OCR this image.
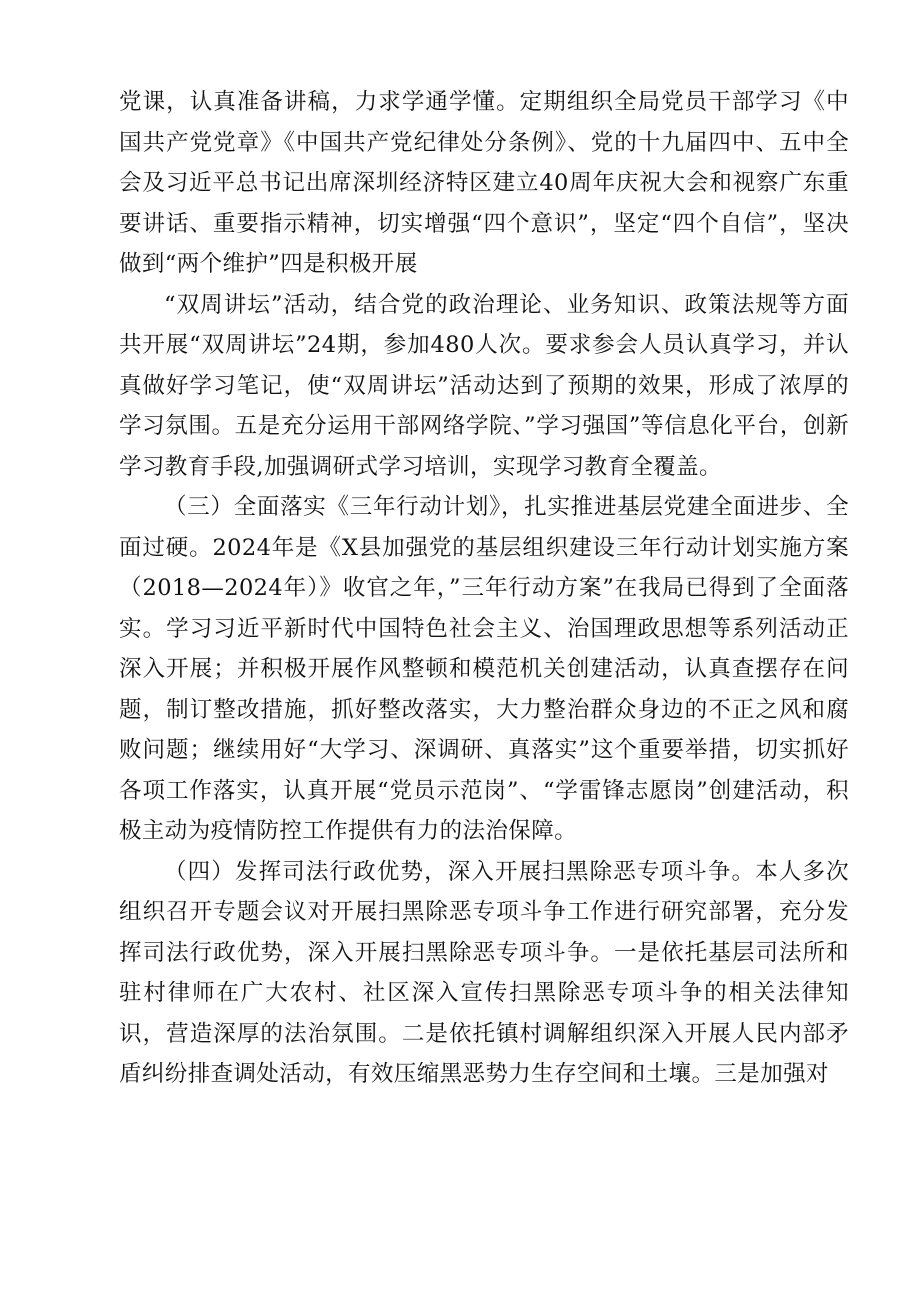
党课，认真准备讲稿，力求学通学懂。定期组织全局党员干部学习《中国共产党党章》《中国共产党纪律处分条例》、党的十九届四中、五中全会及习近平总书记出席深圳经济特区建立40周年庆祝大会和视察广东重要讲话、重要指示精神，切实增强“四个意识”，坚定“四个自信”，坚决做到“两个维护”四是积极开展

“双周讲坛”活动，结合党的政治理论、业务知识、政策法规等方面共开展“双周讲坛”24期，参加480人次。要求参会人员认真学习，并认真做好学习笔记，使“双周讲坛”活动达到了预期的效果，形成了浓厚的学习氛围。五是充分运用干部网络学院、”学习强国”等信息化平台，创新学习教育手段,加强调研式学习培训，实现学习教育全覆盖。

（三）全面落实《三年行动计划》，扎实推进基层党建全面进步、全面过硬。2024年是《X县加强党的基层组织建设三年行动计划实施方案（2018—2024年）》收官之年，”三年行动方案”在我局已得到了全面落实。学习习近平新时代中国特色社会主义、治国理政思想等系列活动正深入开展；并积极开展作风整顿和模范机关创建活动，认真查摆存在问题，制订整改措施，抓好整改落实，大力整治群众身边的不正之风和腐败问题；继续用好“大学习、深调研、真落实”这个重要举措，切实抓好各项工作落实，认真开展“党员示范岗”、“学雷锋志愿岗”创建活动，积极主动为疫情防控工作提供有力的法治保障。

（四）发挥司法行政优势，深入开展扫黑除恶专项斗争。本人多次组织召开专题会议对开展扫黑除恶专项斗争工作进行研究部署，充分发挥司法行政优势，深入开展扫黑除恶专项斗争。一是依托基层司法所和驻村律师在广大农村、社区深入宣传扫黑除恶专项斗争的相关法律知识，营造深厚的法治氛围。二是依托镇村调解组织深入开展人民内部矛盾纠纷排查调处活动，有效压缩黑恶势力生存空间和土壤。三是加强对
